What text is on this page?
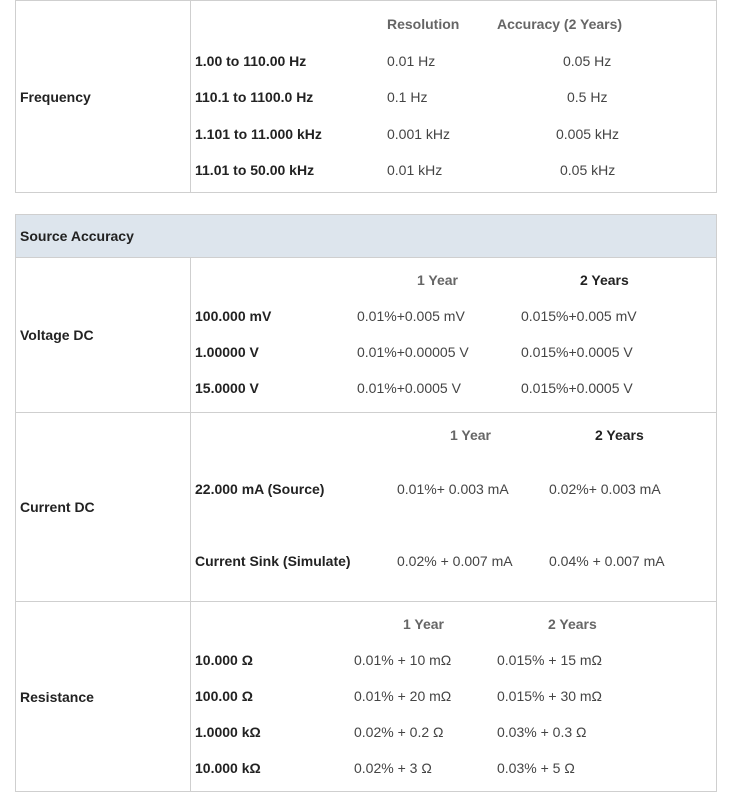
Frequency
Resolution	Accuracy (2 Years)
1.00 to 110.00 Hz	0.01 Hz	0.05 Hz
110.1 to 1100.0 Hz	0.1 Hz	0.5 Hz
1.101 to 11.000 kHz	0.001 kHz	0.005 kHz
11.01 to 50.00 kHz	0.01 kHz	0.05 kHz
Source Accuracy
Voltage DC
1 Year	2 Years
100.000 mV	0.01%+0.005 mV	0.015%+0.005 mV
1.00000 V	0.01%+0.00005 V	0.015%+0.0005 V
15.0000 V	0.01%+0.0005 V	0.015%+0.0005 V
Current DC
1 Year	2 Years
22.000 mA (Source)	0.01%+ 0.003 mA	0.02%+ 0.003 mA
Current Sink (Simulate)	0.02% + 0.007 mA	0.04% + 0.007 mA
Resistance
1 Year	2 Years
10.000 Ω	0.01% + 10 mΩ	0.015% + 15 mΩ
100.00 Ω	0.01% + 20 mΩ	0.015% + 30 mΩ
1.0000 kΩ	0.02% + 0.2 Ω	0.03% + 0.3 Ω
10.000 kΩ	0.02% + 3 Ω	0.03% + 5 Ω
